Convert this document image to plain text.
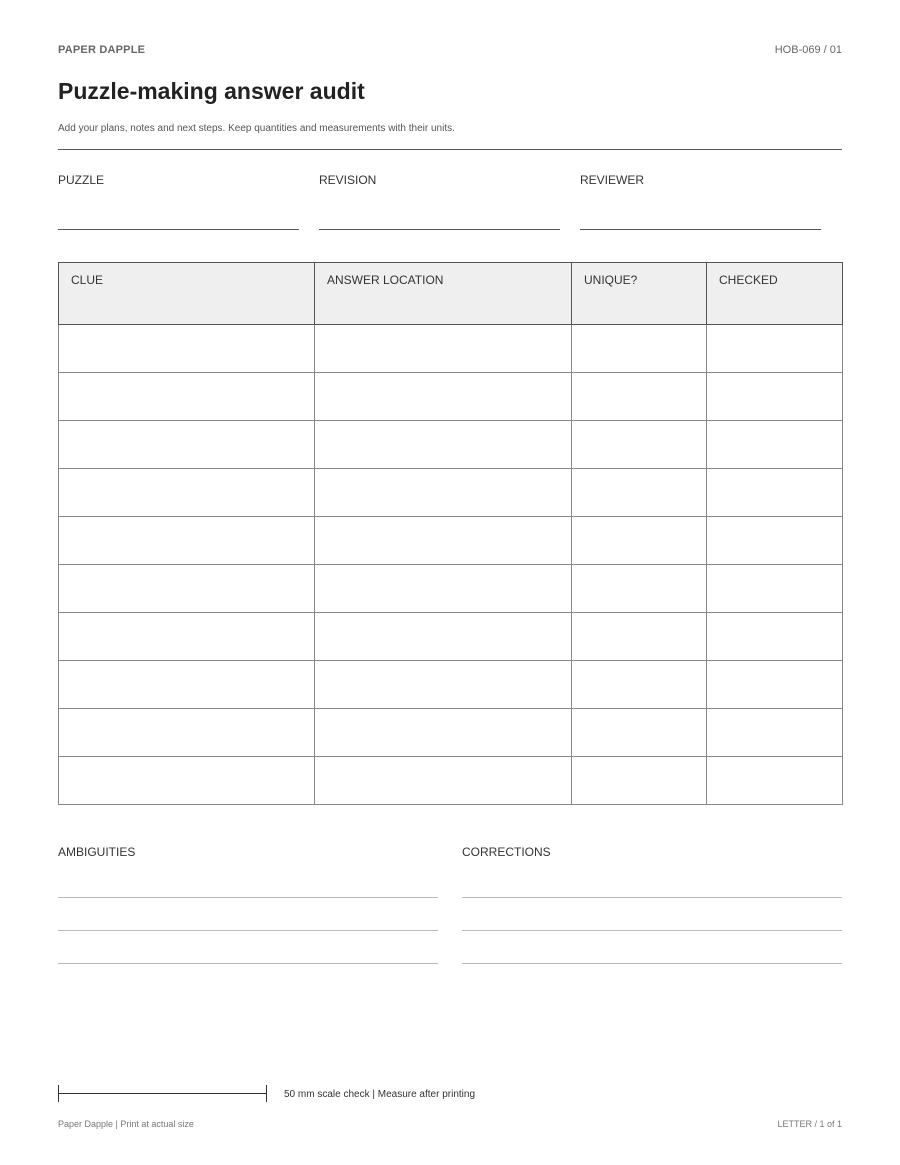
PAPER DAPPLE	HOB-069 / 01
Puzzle-making answer audit
Add your plans, notes and next steps. Keep quantities and measurements with their units.
PUZZLE	REVISION	REVIEWER
CLUE	ANSWER LOCATION	UNIQUE?	CHECKED

AMBIGUITIES	CORRECTIONS
50 mm scale check | Measure after printing
Paper Dapple | Print at actual size	LETTER / 1 of 1
